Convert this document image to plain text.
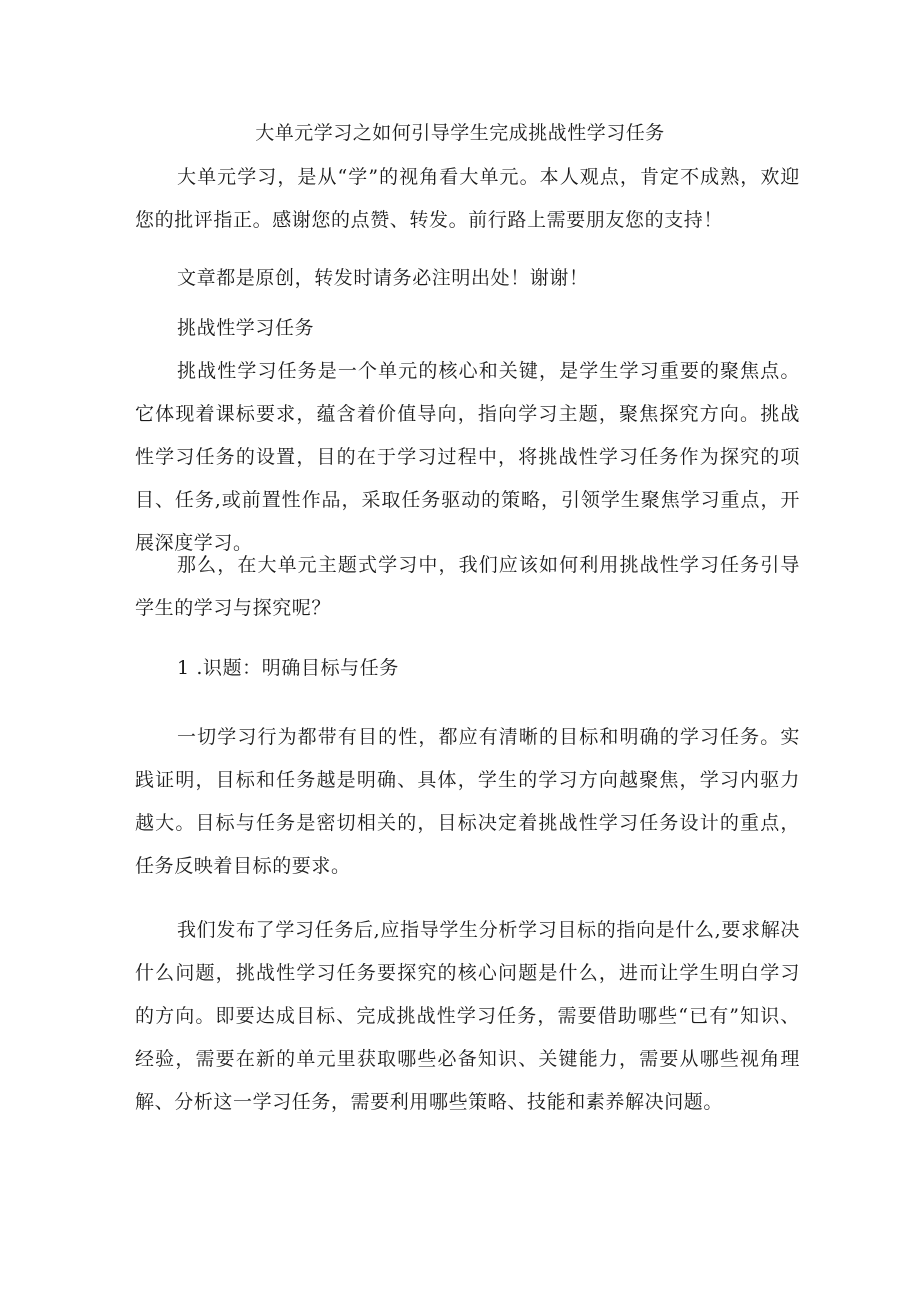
大单元学习之如何引导学生完成挑战性学习任务

大单元学习，是从“学”的视角看大单元。本人观点，肯定不成熟，欢迎您的批评指正。感谢您的点赞、转发。前行路上需要朋友您的支持！

文章都是原创，转发时请务必注明出处！谢谢！

挑战性学习任务

挑战性学习任务是一个单元的核心和关键，是学生学习重要的聚焦点。它体现着课标要求，蕴含着价值导向，指向学习主题，聚焦探究方向。挑战性学习任务的设置，目的在于学习过程中，将挑战性学习任务作为探究的项目、任务,或前置性作品，采取任务驱动的策略，引领学生聚焦学习重点，开展深度学习。

那么，在大单元主题式学习中，我们应该如何利用挑战性学习任务引导学生的学习与探究呢？

1 .识题：明确目标与任务

一切学习行为都带有目的性，都应有清晰的目标和明确的学习任务。实践证明，目标和任务越是明确、具体，学生的学习方向越聚焦，学习内驱力越大。目标与任务是密切相关的，目标决定着挑战性学习任务设计的重点，任务反映着目标的要求。

我们发布了学习任务后,应指导学生分析学习目标的指向是什么,要求解决什么问题，挑战性学习任务要探究的核心问题是什么，进而让学生明白学习的方向。即要达成目标、完成挑战性学习任务，需要借助哪些“已有”知识、经验，需要在新的单元里获取哪些必备知识、关键能力，需要从哪些视角理解、分析这一学习任务，需要利用哪些策略、技能和素养解决问题。
